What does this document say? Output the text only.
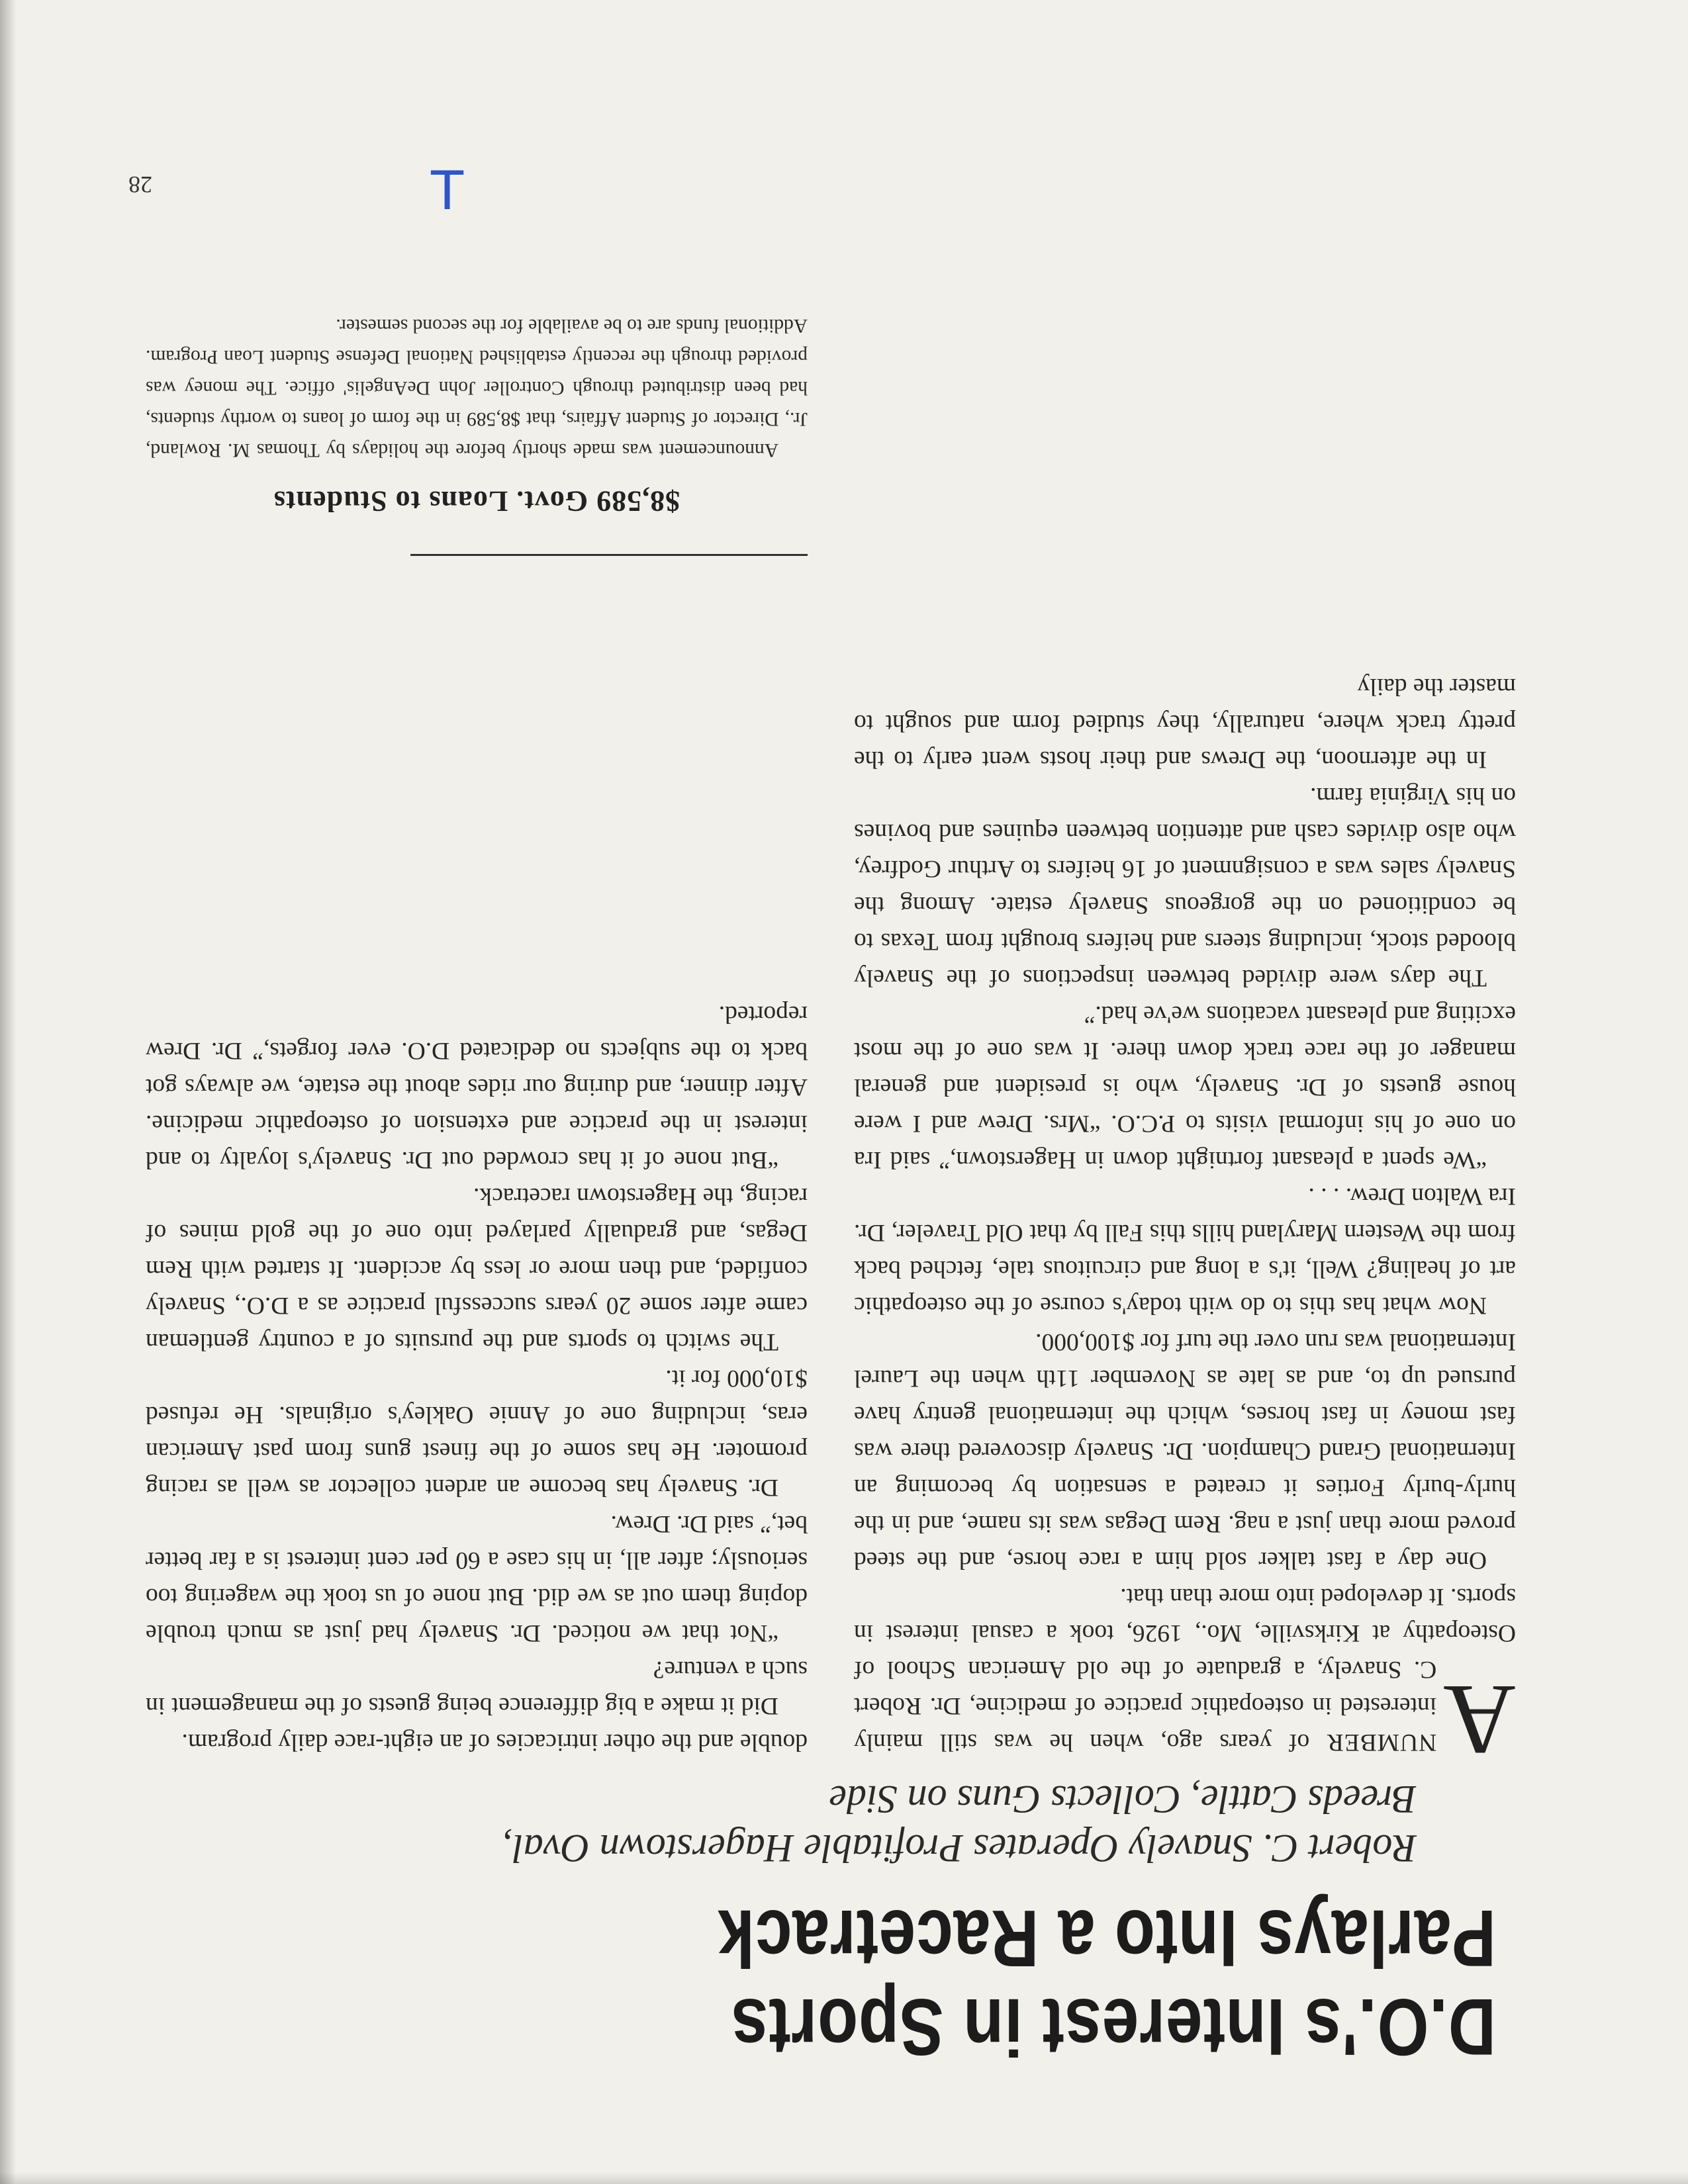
D.O.'s Interest in Sports
Parlays Into a Racetrack
Robert C. Snavely Operates Profitable Hagerstown Oval,
Breeds Cattle, Collects Guns on Side

A
NUMBER of years ago, when he was still mainly interested in osteopathic practice of medicine, Dr. Robert C. Snavely, a graduate of the old American School of Osteopathy at Kirksville, Mo., 1926, took a casual interest in sports. It developed into more than that.

One day a fast talker sold him a race horse, and the steed proved more than just a nag. Rem Degas was its name, and in the hurly-burly Forties it created a sensation by becoming an International Grand Champion. Dr. Snavely discovered there was fast money in fast horses, which the international gentry have pursued up to, and as late as November 11th when the Laurel International was run over the turf for $100,000.

Now what has this to do with today's course of the osteopathic art of healing? Well, it's a long and circuitous tale, fetched back from the Western Maryland hills this Fall by that Old Traveler, Dr. Ira Walton Drew. . . .

“We spent a pleasant fortnight down in Hagerstown,” said Ira on one of his informal visits to P.C.O. “Mrs. Drew and I were house guests of Dr. Snavely, who is president and general manager of the race track down there. It was one of the most exciting and pleasant vacations we've had.”

The days were divided between inspections of the Snavely blooded stock, including steers and heifers brought from Texas to be conditioned on the gorgeous Snavely estate. Among the Snavely sales was a consignment of 16 heifers to Arthur Godfrey, who also divides cash and attention between equines and bovines on his Virginia farm.

In the afternoon, the Drews and their hosts went early to the pretty track where, naturally, they studied form and sought to master the daily

double and the other intricacies of an eight-race daily program.

Did it make a big difference being guests of the management in such a venture?

“Not that we noticed. Dr. Snavely had just as much trouble doping them out as we did. But none of us took the wagering too seriously; after all, in his case a 60 per cent interest is a far better bet,” said Dr. Drew.

Dr. Snavely has become an ardent collector as well as racing promoter. He has some of the finest guns from past American eras, including one of Annie Oakley's originals. He refused $10,000 for it.

The switch to sports and the pursuits of a country gentleman came after some 20 years successful practice as a D.O., Snavely confided, and then more or less by accident. It started with Rem Degas, and gradually parlayed into one of the gold mines of racing, the Hagerstown racetrack.

“But none of it has crowded out Dr. Snavely's loyalty to and interest in the practice and extension of osteopathic medicine. After dinner, and during our rides about the estate, we always got back to the subjects no dedicated D.O. ever forgets,” Dr. Drew reported.

$8,589 Govt. Loans to Students

Announcement was made shortly before the holidays by Thomas M. Rowland, Jr., Director of Student Affairs, that $8,589 in the form of loans to worthy students, had been distributed through Controller John DeAngelis' office. The money was provided through the recently established National Defense Student Loan Program. Additional funds are to be available for the second semester.

28	T
